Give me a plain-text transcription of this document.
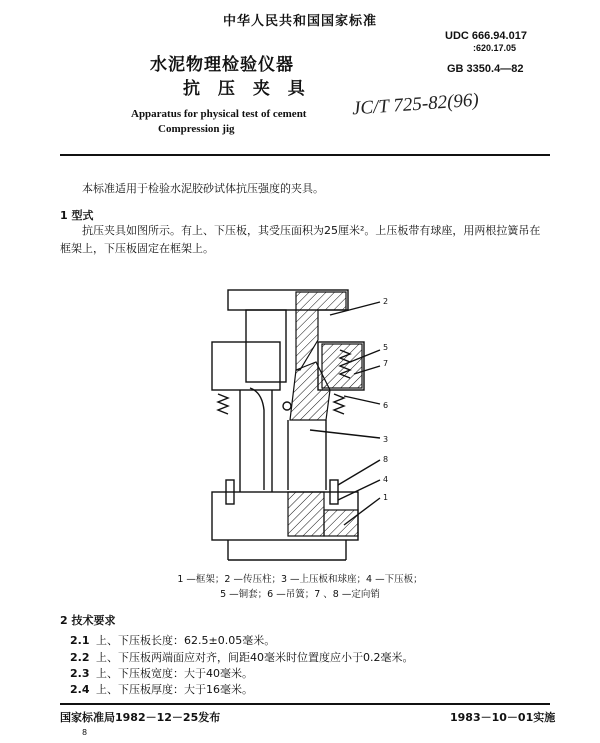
中华人民共和国国家标准
水泥物理检验仪器
抗 压 夹 具
UDC 666.94.017
:620.17.05
GB 3350.4—82
Apparatus for physical test of cement
Compression jig
JC/T 725-82(96)
本标准适用于检验水泥胶砂试体抗压强度的夹具。
1 型式
抗压夹具如图所示。有上、下压板，其受压面积为25厘米²。上压板带有球座，用两根拉簧吊在
框架上，下压板固定在框架上。
2
5
7
6
3
8
4
1
1 —框架；2 —传压柱；3 —上压板和球座；4 —下压板；
5 —铜套；6 —吊簧；7 、8 —定向销
2 技术要求
2.1 上、下压板长度：62.5±0.05毫米。
2.2 上、下压板两端面应对齐，间距40毫米时位置度应小于0.2毫米。
2.3 上、下压板宽度：大于40毫米。
2.4 上、下压板厚度：大于16毫米。
国家标准局1982－12－25发布	1983－10－01实施
8
